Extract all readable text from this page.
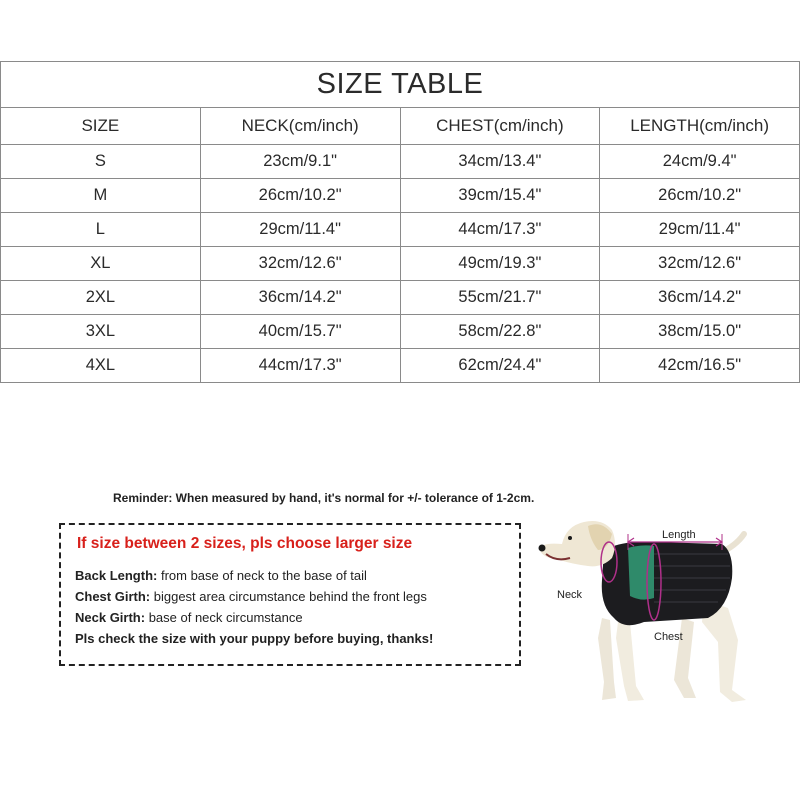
SIZE TABLE			
SIZE	NECK(cm/inch)	CHEST(cm/inch)	LENGTH(cm/inch)
S	23cm/9.1"	34cm/13.4"	24cm/9.4"
M	26cm/10.2"	39cm/15.4"	26cm/10.2"
L	29cm/11.4"	44cm/17.3"	29cm/11.4"
XL	32cm/12.6"	49cm/19.3"	32cm/12.6"
2XL	36cm/14.2"	55cm/21.7"	36cm/14.2"
3XL	40cm/15.7"	58cm/22.8"	38cm/15.0"
4XL	44cm/17.3"	62cm/24.4"	42cm/16.5"
Reminder: When measured by hand, it's normal for +/- tolerance of 1-2cm.
If size between 2 sizes, pls choose larger size
Back Length: from base of neck to the base of tail
Chest Girth: biggest area circumstance behind the front legs
Neck Girth: base of neck circumstance
Pls check the size with your puppy before buying, thanks!
Length
Neck
Chest
